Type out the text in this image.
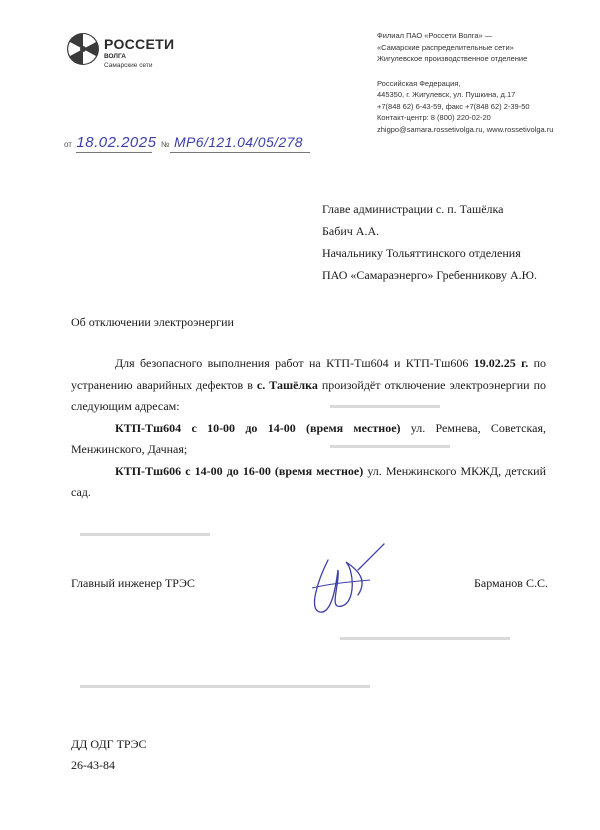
РОССЕТИ
ВОЛГА
Самарские сети
Филиал ПАО «Россети Волга» —
«Самарские распределительные сети»
Жигулевское производственное отделение
Российская Федерация,
445350, г. Жигулевск, ул. Пушкина, д.17
+7(848 62) 6-43-59, факс +7(848 62) 2-39-50
Контакт-центр: 8 (800) 220-02-20
zhigpo@samara.rossetivolga.ru, www.rossetivolga.ru
от 18.02.2025 № МР6/121.04/05/278
Главе администрации с. п. Ташёлка
Бабич А.А.
Начальнику Тольяттинского отделения
ПАО «Самараэнерго» Гребенникову А.Ю.
Об отключении электроэнергии
▬▬▬▬▬▬▬▬▬▬▬
▬▬▬▬▬▬▬▬▬▬▬▬
▬▬▬▬▬▬▬▬▬▬▬▬▬
▬▬▬▬▬▬▬▬▬▬▬▬▬▬▬▬▬
▬▬▬▬▬▬▬▬▬▬▬▬▬▬▬▬▬▬▬▬▬▬▬▬▬▬▬▬▬

Для безопасного выполнения работ на КТП-Тш604 и КТП-Тш606 19.02.25 г. по устранению аварийных дефектов в с. Ташёлка произойдёт отключение электроэнергии по следующим адресам:

КТП-Тш604 с 10-00 до 14-00 (время местное) ул. Ремнева, Советская, Менжинского, Дачная;

КТП-Тш606 с 14-00 до 16-00 (время местное) ул. Менжинского МКЖД, детский сад.

Главный инженер ТРЭС	Барманов С.С.
ДД ОДГ ТРЭС
26-43-84
